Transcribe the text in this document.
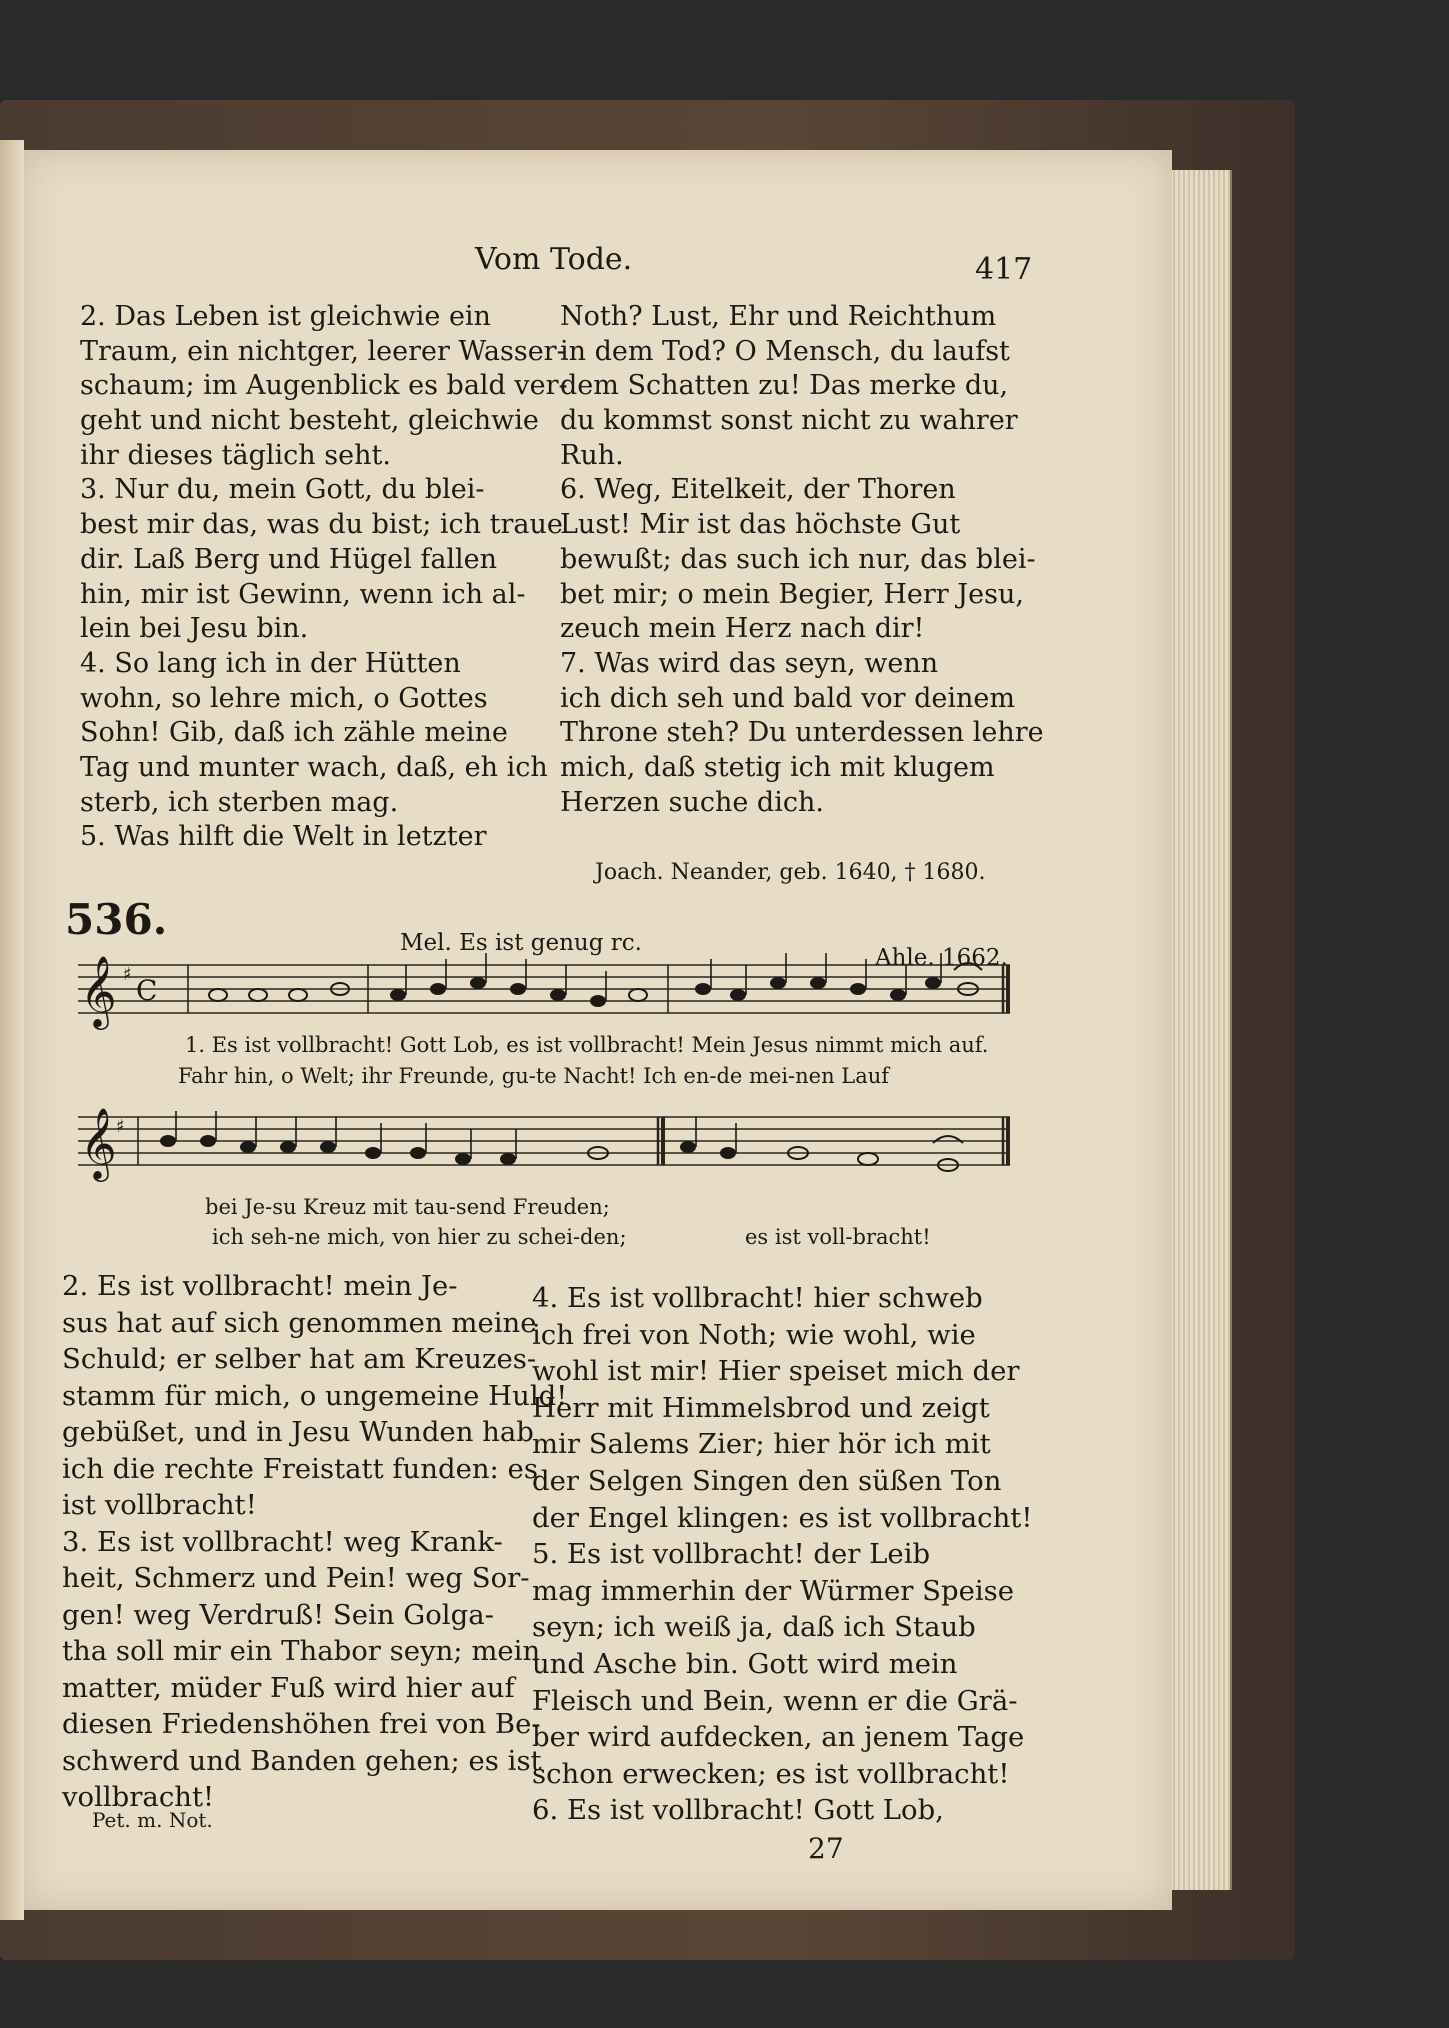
Vom Tode.	417
2. Das Leben ist gleichwie ein
Traum, ein nichtger, leerer Wasser-
schaum; im Augenblick es bald ver-
geht und nicht besteht, gleichwie
ihr dieses täglich seht.
3. Nur du, mein Gott, du blei-
best mir das, was du bist; ich traue
dir. Laß Berg und Hügel fallen
hin, mir ist Gewinn, wenn ich al-
lein bei Jesu bin.
4. So lang ich in der Hütten
wohn, so lehre mich, o Gottes
Sohn! Gib, daß ich zähle meine
Tag und munter wach, daß, eh ich
sterb, ich sterben mag.
5. Was hilft die Welt in letzter
Noth? Lust, Ehr und Reichthum
in dem Tod? O Mensch, du laufst
dem Schatten zu! Das merke du,
du kommst sonst nicht zu wahrer
Ruh.
6. Weg, Eitelkeit, der Thoren
Lust! Mir ist das höchste Gut
bewußt; das such ich nur, das blei-
bet mir; o mein Begier, Herr Jesu,
zeuch mein Herz nach dir!
7. Was wird das seyn, wenn
ich dich seh und bald vor deinem
Throne steh? Du unterdessen lehre
mich, daß stetig ich mit klugem
Herzen suche dich.
Joach. Neander, geb. 1640, † 1680.
536.	Mel. Es ist genug rc.
Ahle. 1662.
𝄞 ♯ C
1. Es ist vollbracht! Gott Lob, es ist vollbracht! Mein Jesus nimmt mich auf.
Fahr hin, o Welt; ihr Freunde, gu-te Nacht! Ich en-de mei-nen Lauf
𝄞 ♯
bei Je-su Kreuz mit tau-send Freuden;
ich seh-ne mich, von hier zu schei-den;	es ist voll-bracht!
2. Es ist vollbracht! mein Je-
sus hat auf sich genommen meine
Schuld; er selber hat am Kreuzes-
stamm für mich, o ungemeine Huld!
gebüßet, und in Jesu Wunden hab
ich die rechte Freistatt funden: es
ist vollbracht!
3. Es ist vollbracht! weg Krank-
heit, Schmerz und Pein! weg Sor-
gen! weg Verdruß! Sein Golga-
tha soll mir ein Thabor seyn; mein
matter, müder Fuß wird hier auf
diesen Friedenshöhen frei von Be-
schwerd und Banden gehen; es ist
vollbracht!
4. Es ist vollbracht! hier schweb
ich frei von Noth; wie wohl, wie
wohl ist mir! Hier speiset mich der
Herr mit Himmelsbrod und zeigt
mir Salems Zier; hier hör ich mit
der Selgen Singen den süßen Ton
der Engel klingen: es ist vollbracht!
5. Es ist vollbracht! der Leib
mag immerhin der Würmer Speise
seyn; ich weiß ja, daß ich Staub
und Asche bin. Gott wird mein
Fleisch und Bein, wenn er die Grä-
ber wird aufdecken, an jenem Tage
schon erwecken; es ist vollbracht!
6. Es ist vollbracht! Gott Lob,
Pet. m. Not.
27
